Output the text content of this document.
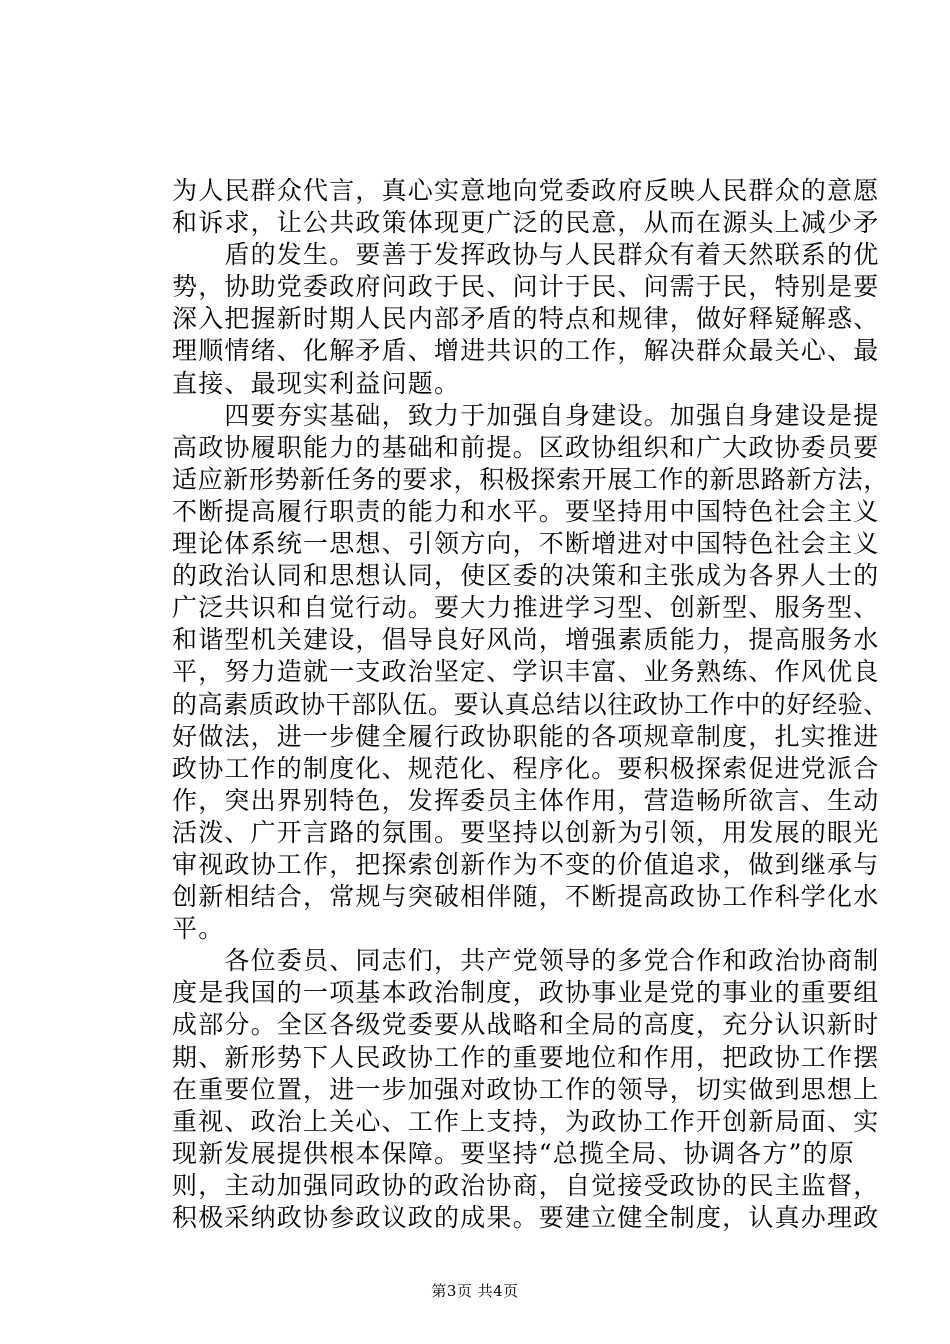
为人民群众代言，真心实意地向党委政府反映人民群众的意愿
和诉求，让公共政策体现更广泛的民意，从而在源头上减少矛
　　盾的发生。要善于发挥政协与人民群众有着天然联系的优
势，协助党委政府问政于民、问计于民、问需于民，特别是要
深入把握新时期人民内部矛盾的特点和规律，做好释疑解惑、
理顺情绪、化解矛盾、增进共识的工作，解决群众最关心、最
直接、最现实利益问题。
　　四要夯实基础，致力于加强自身建设。加强自身建设是提
高政协履职能力的基础和前提。区政协组织和广大政协委员要
适应新形势新任务的要求，积极探索开展工作的新思路新方法，
不断提高履行职责的能力和水平。要坚持用中国特色社会主义
理论体系统一思想、引领方向，不断增进对中国特色社会主义
的政治认同和思想认同，使区委的决策和主张成为各界人士的
广泛共识和自觉行动。要大力推进学习型、创新型、服务型、
和谐型机关建设，倡导良好风尚，增强素质能力，提高服务水
平，努力造就一支政治坚定、学识丰富、业务熟练、作风优良
的高素质政协干部队伍。要认真总结以往政协工作中的好经验、
好做法，进一步健全履行政协职能的各项规章制度，扎实推进
政协工作的制度化、规范化、程序化。要积极探索促进党派合
作，突出界别特色，发挥委员主体作用，营造畅所欲言、生动
活泼、广开言路的氛围。要坚持以创新为引领，用发展的眼光
审视政协工作，把探索创新作为不变的价值追求，做到继承与
创新相结合，常规与突破相伴随，不断提高政协工作科学化水
平。
　　各位委员、同志们，共产党领导的多党合作和政治协商制
度是我国的一项基本政治制度，政协事业是党的事业的重要组
成部分。全区各级党委要从战略和全局的高度，充分认识新时
期、新形势下人民政协工作的重要地位和作用，把政协工作摆
在重要位置，进一步加强对政协工作的领导，切实做到思想上
重视、政治上关心、工作上支持，为政协工作开创新局面、实
现新发展提供根本保障。要坚持“总揽全局、协调各方”的原
则，主动加强同政协的政治协商，自觉接受政协的民主监督，
积极采纳政协参政议政的成果。要建立健全制度，认真办理政
第3页 共4页
